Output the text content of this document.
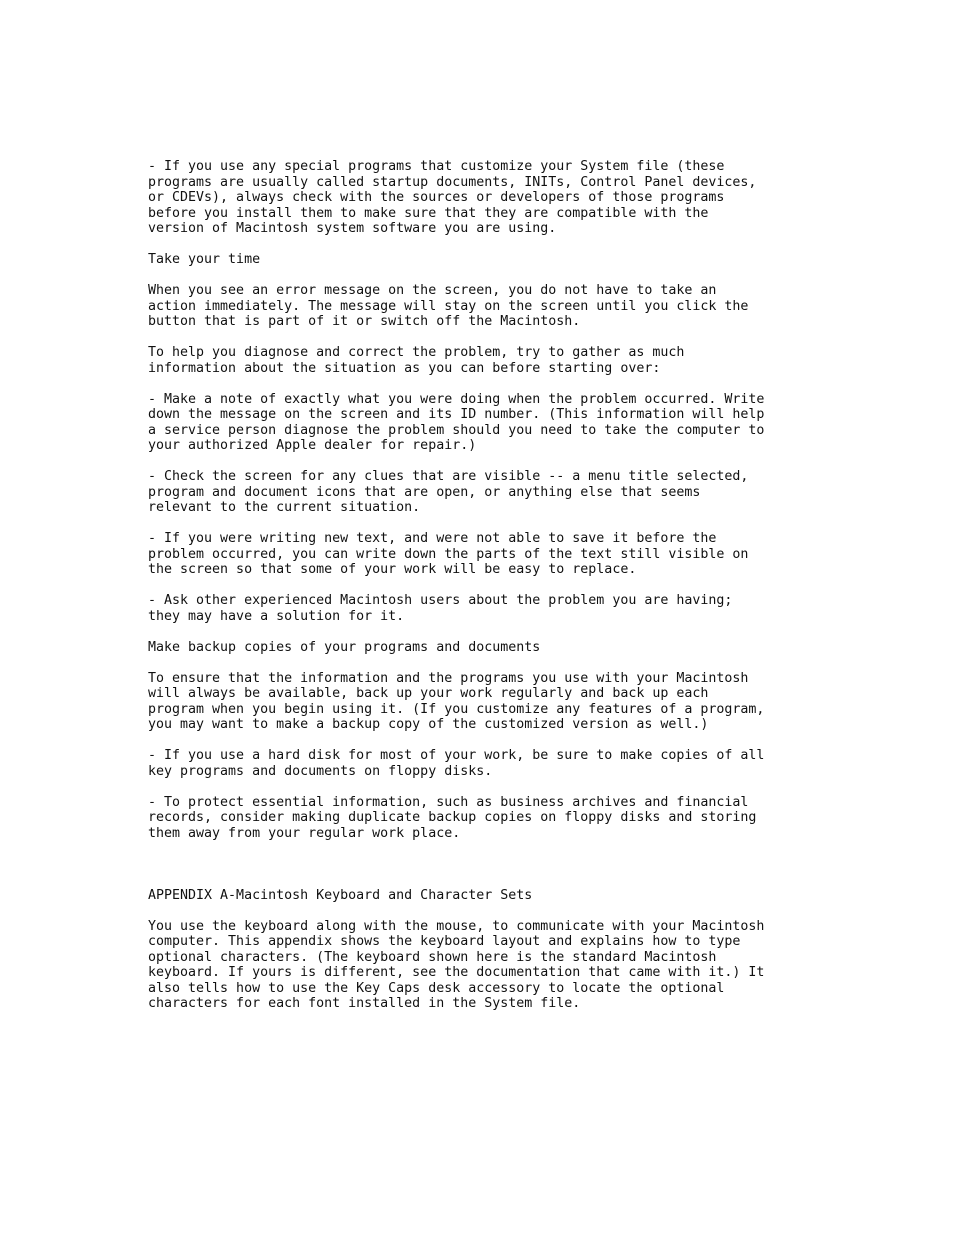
- If you use any special programs that customize your System file (these
programs are usually called startup documents, INITs, Control Panel devices,
or CDEVs), always check with the sources or developers of those programs
before you install them to make sure that they are compatible with the
version of Macintosh system software you are using.

Take your time

When you see an error message on the screen, you do not have to take an
action immediately. The message will stay on the screen until you click the
button that is part of it or switch off the Macintosh.

To help you diagnose and correct the problem, try to gather as much
information about the situation as you can before starting over:

- Make a note of exactly what you were doing when the problem occurred. Write
down the message on the screen and its ID number. (This information will help
a service person diagnose the problem should you need to take the computer to
your authorized Apple dealer for repair.)

- Check the screen for any clues that are visible -- a menu title selected,
program and document icons that are open, or anything else that seems
relevant to the current situation.

- If you were writing new text, and were not able to save it before the
problem occurred, you can write down the parts of the text still visible on
the screen so that some of your work will be easy to replace.

- Ask other experienced Macintosh users about the problem you are having;
they may have a solution for it.

Make backup copies of your programs and documents

To ensure that the information and the programs you use with your Macintosh
will always be available, back up your work regularly and back up each
program when you begin using it. (If you customize any features of a program,
you may want to make a backup copy of the customized version as well.)

- If you use a hard disk for most of your work, be sure to make copies of all
key programs and documents on floppy disks.

- To protect essential information, such as business archives and financial
records, consider making duplicate backup copies on floppy disks and storing
them away from your regular work place.

APPENDIX A-Macintosh Keyboard and Character Sets

You use the keyboard along with the mouse, to communicate with your Macintosh
computer. This appendix shows the keyboard layout and explains how to type
optional characters. (The keyboard shown here is the standard Macintosh
keyboard. If yours is different, see the documentation that came with it.) It
also tells how to use the Key Caps desk accessory to locate the optional
characters for each font installed in the System file.
